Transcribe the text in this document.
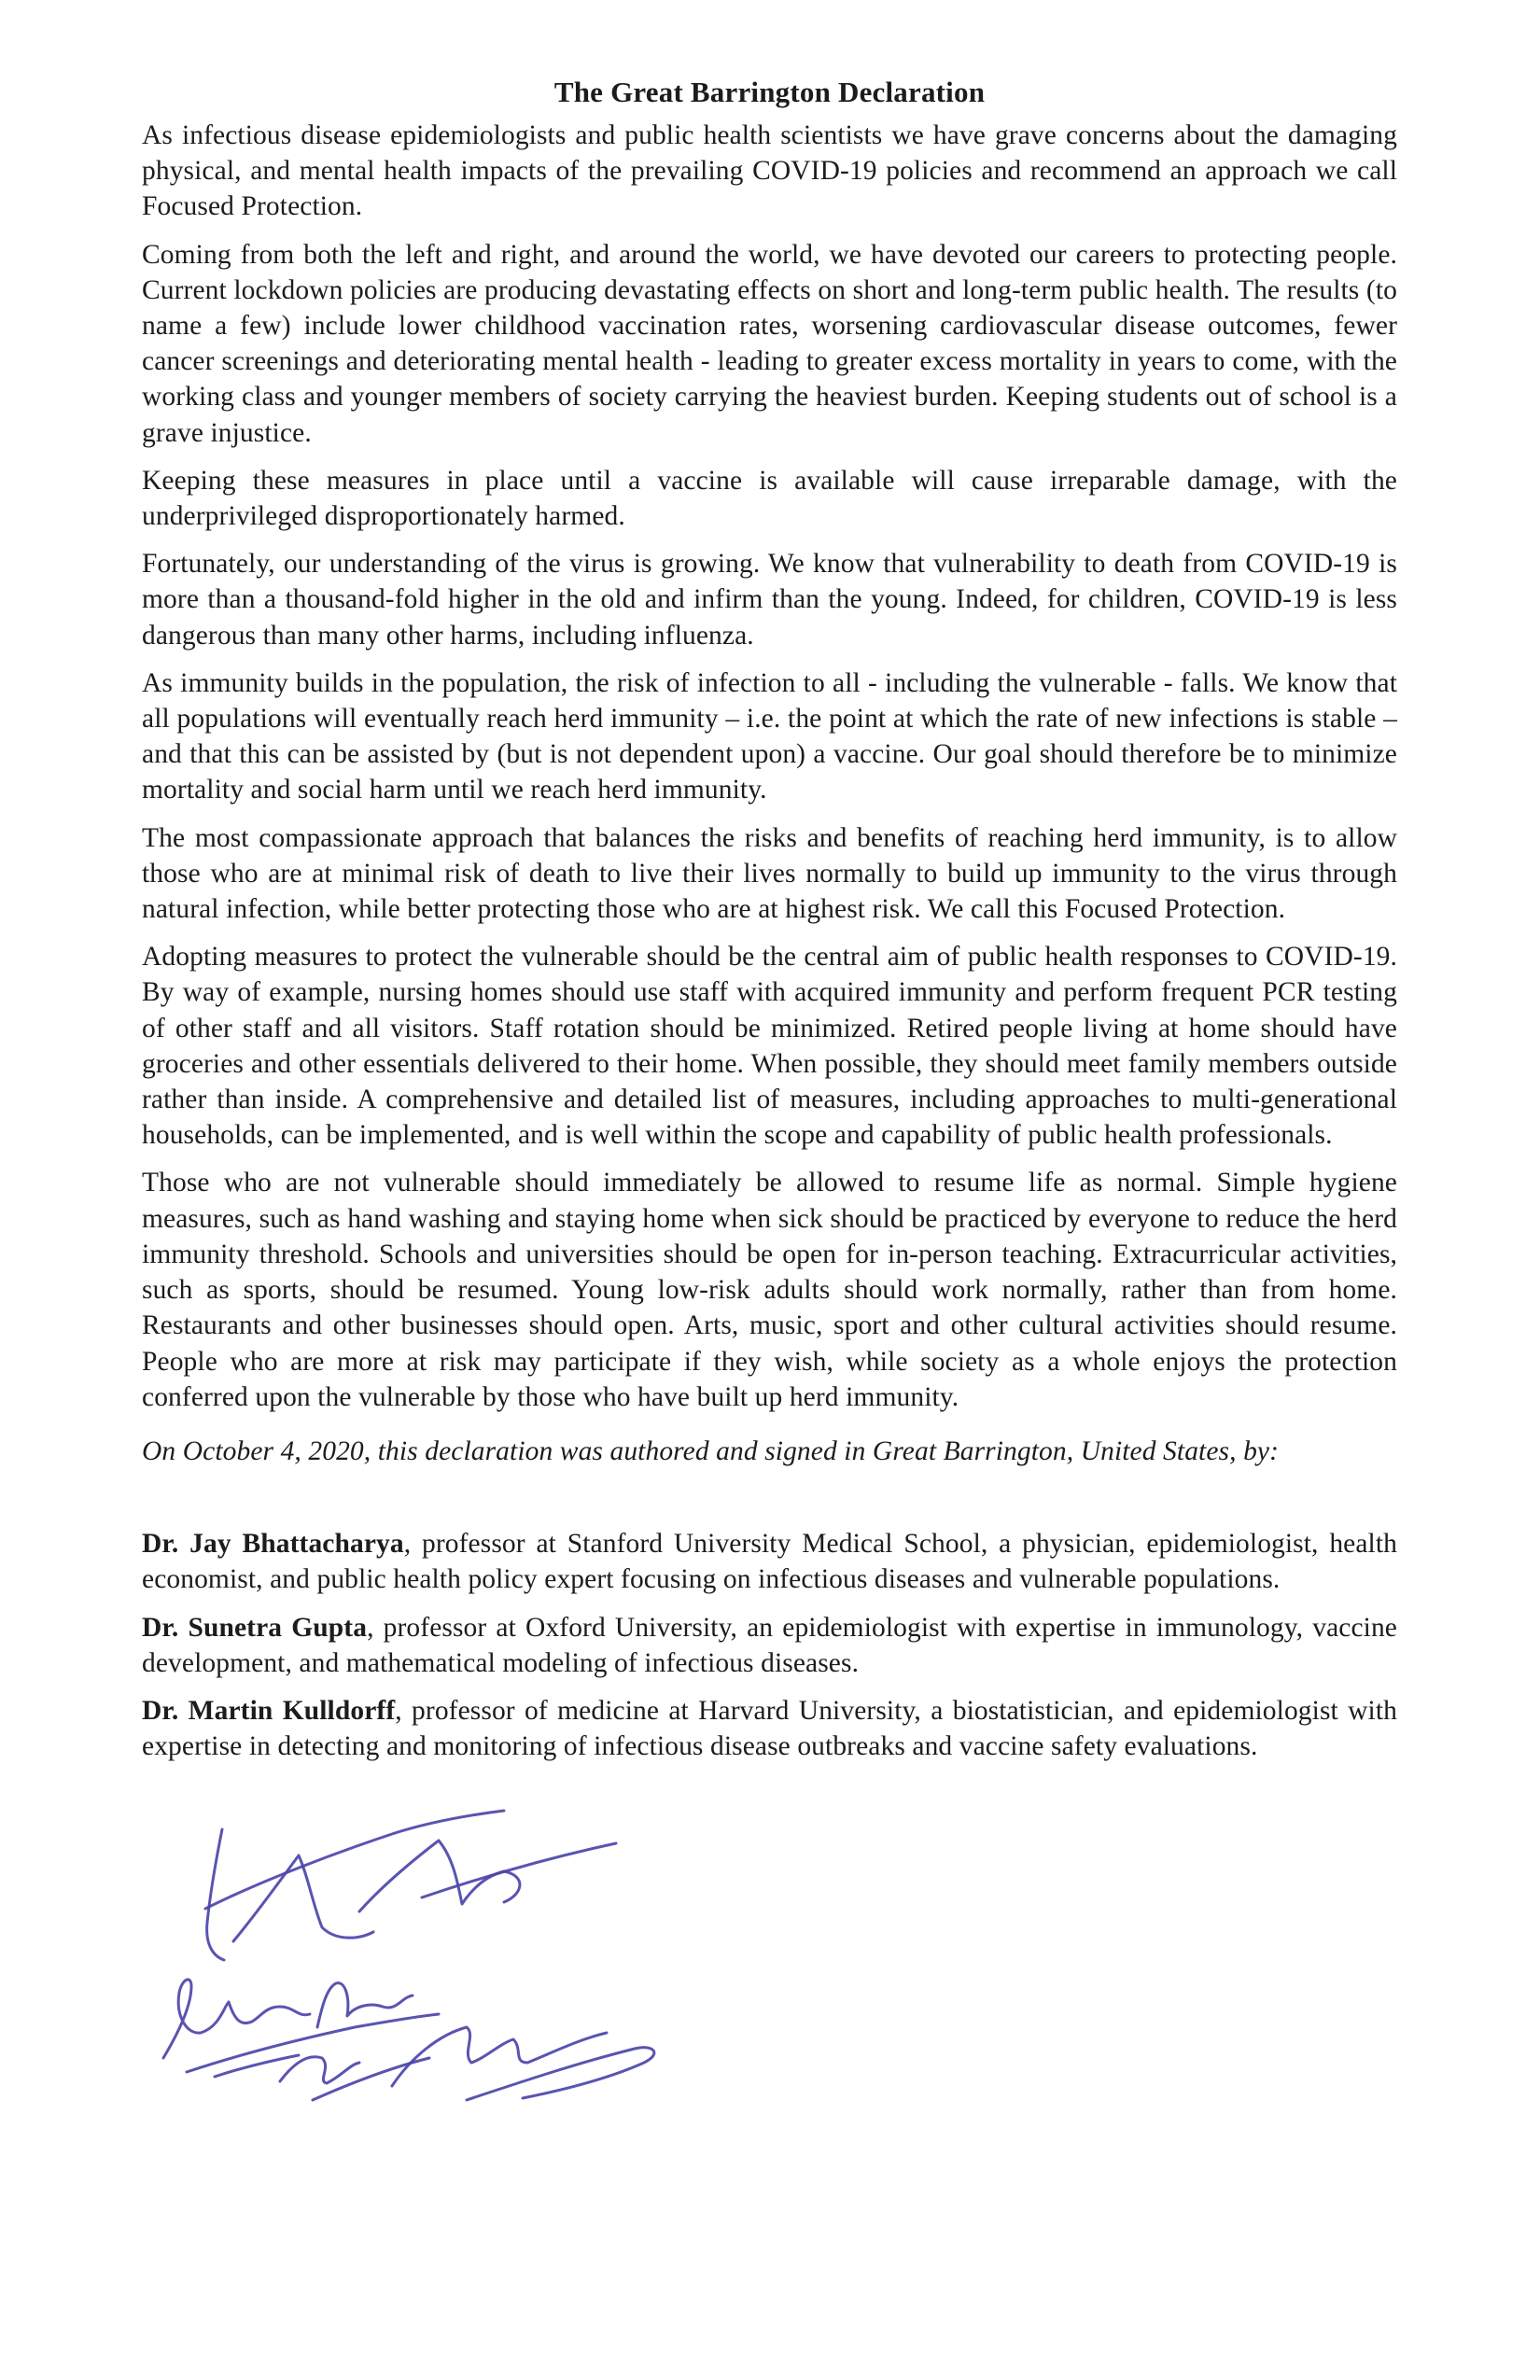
The Great Barrington Declaration

As infectious disease epidemiologists and public health scientists we have grave concerns about the damaging physical, and mental health impacts of the prevailing COVID-19 policies and recommend an approach we call Focused Protection.

Coming from both the left and right, and around the world, we have devoted our careers to protecting people. Current lockdown policies are producing devastating effects on short and long-term public health. The results (to name a few) include lower childhood vaccination rates, worsening cardiovascular disease outcomes, fewer cancer screenings and deteriorating mental health - leading to greater excess mortality in years to come, with the working class and younger members of society carrying the heaviest burden. Keeping students out of school is a grave injustice.

Keeping these measures in place until a vaccine is available will cause irreparable damage, with the underprivileged disproportionately harmed.

Fortunately, our understanding of the virus is growing. We know that vulnerability to death from COVID-19 is more than a thousand-fold higher in the old and infirm than the young. Indeed, for children, COVID-19 is less dangerous than many other harms, including influenza.

As immunity builds in the population, the risk of infection to all - including the vulnerable - falls. We know that all populations will eventually reach herd immunity – i.e. the point at which the rate of new infections is stable – and that this can be assisted by (but is not dependent upon) a vaccine. Our goal should therefore be to minimize mortality and social harm until we reach herd immunity.

The most compassionate approach that balances the risks and benefits of reaching herd immunity, is to allow those who are at minimal risk of death to live their lives normally to build up immunity to the virus through natural infection, while better protecting those who are at highest risk. We call this Focused Protection.

Adopting measures to protect the vulnerable should be the central aim of public health responses to COVID-19. By way of example, nursing homes should use staff with acquired immunity and perform frequent PCR testing of other staff and all visitors. Staff rotation should be minimized. Retired people living at home should have groceries and other essentials delivered to their home. When possible, they should meet family members outside rather than inside. A comprehensive and detailed list of measures, including approaches to multi-generational households, can be implemented, and is well within the scope and capability of public health professionals.

Those who are not vulnerable should immediately be allowed to resume life as normal. Simple hygiene measures, such as hand washing and staying home when sick should be practiced by everyone to reduce the herd immunity threshold. Schools and universities should be open for in-person teaching. Extracurricular activities, such as sports, should be resumed. Young low-risk adults should work normally, rather than from home. Restaurants and other businesses should open. Arts, music, sport and other cultural activities should resume. People who are more at risk may participate if they wish, while society as a whole enjoys the protection conferred upon the vulnerable by those who have built up herd immunity.

On October 4, 2020, this declaration was authored and signed in Great Barrington, United States, by:

Dr. Jay Bhattacharya, professor at Stanford University Medical School, a physician, epidemiologist, health economist, and public health policy expert focusing on infectious diseases and vulnerable populations.

Dr. Sunetra Gupta, professor at Oxford University, an epidemiologist with expertise in immunology, vaccine development, and mathematical modeling of infectious diseases.

Dr. Martin Kulldorff, professor of medicine at Harvard University, a biostatistician, and epidemiologist with expertise in detecting and monitoring of infectious disease outbreaks and vaccine safety evaluations.
